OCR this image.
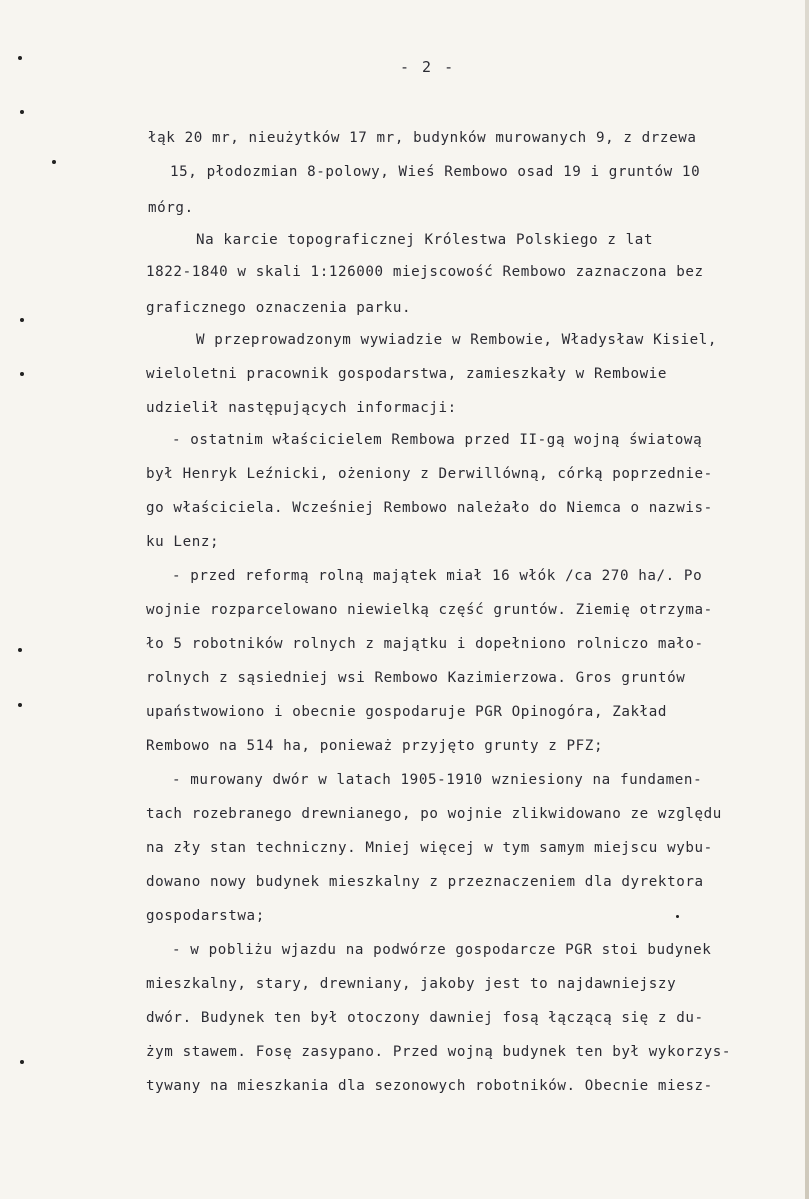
- 2 -
łąk 20 mr, nieużytków 17 mr, budynków murowanych 9, z drzewa
15, płodozmian 8-polowy, Wieś Rembowo osad 19 i gruntów 10
mórg.
Na karcie topograficznej Królestwa Polskiego z lat
1822-1840 w skali 1:126000 miejscowość Rembowo zaznaczona bez
graficznego oznaczenia parku.
W przeprowadzonym wywiadzie w Rembowie, Władysław Kisiel,
wieloletni pracownik gospodarstwa, zamieszkały w Rembowie
udzielił następujących informacji:
- ostatnim właścicielem Rembowa przed II-gą wojną światową
był Henryk Leźnicki, ożeniony z Derwillówną, córką poprzednie-
go właściciela. Wcześniej Rembowo należało do Niemca o nazwis-
ku Lenz;
- przed reformą rolną majątek miał 16 włók /ca 270 ha/. Po
wojnie rozparcelowano niewielką część gruntów. Ziemię otrzyma-
ło 5 robotników rolnych z majątku i dopełniono rolniczo mało-
rolnych z sąsiedniej wsi Rembowo Kazimierzowa. Gros gruntów
upaństwowiono i obecnie gospodaruje PGR Opinogóra, Zakład
Rembowo na 514 ha, ponieważ przyjęto grunty z PFZ;
- murowany dwór w latach 1905-1910 wzniesiony na fundamen-
tach rozebranego drewnianego, po wojnie zlikwidowano ze względu
na zły stan techniczny. Mniej więcej w tym samym miejscu wybu-
dowano nowy budynek mieszkalny z przeznaczeniem dla dyrektora
gospodarstwa;
- w pobliżu wjazdu na podwórze gospodarcze PGR stoi budynek
mieszkalny, stary, drewniany, jakoby jest to najdawniejszy
dwór. Budynek ten był otoczony dawniej fosą łączącą się z du-
żym stawem. Fosę zasypano. Przed wojną budynek ten był wykorzys-
tywany na mieszkania dla sezonowych robotników. Obecnie miesz-
